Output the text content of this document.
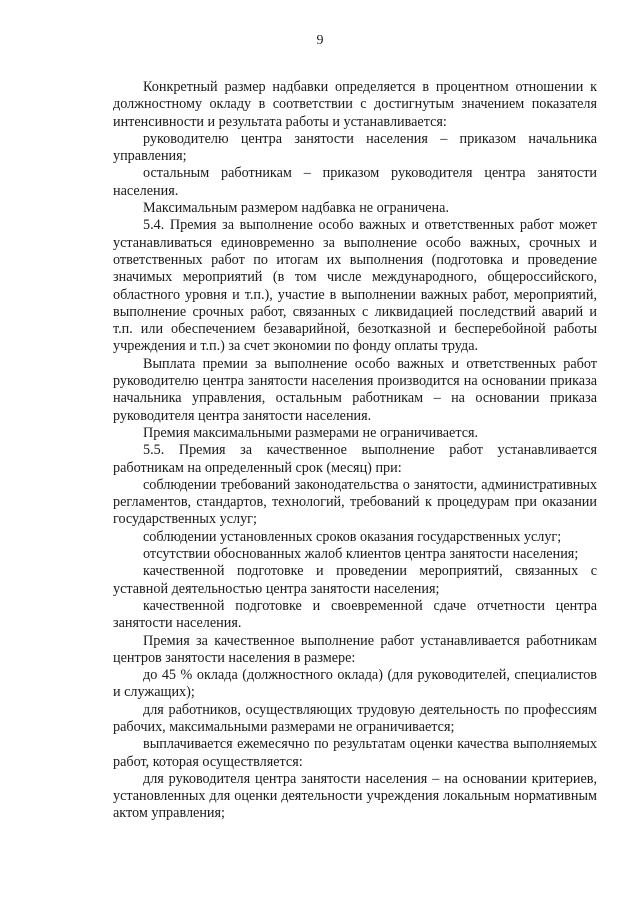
9

Конкретный размер надбавки определяется в процентном отношении к должностному окладу в соответствии с достигнутым значением показателя интенсивности и результата работы и устанавливается:

руководителю центра занятости населения – приказом начальника управления;

остальным работникам – приказом руководителя центра занятости населения.

Максимальным размером надбавка не ограничена.

5.4. Премия за выполнение особо важных и ответственных работ может устанавливаться единовременно за выполнение особо важных, срочных и ответственных работ по итогам их выполнения (подготовка и проведение значимых мероприятий (в том числе международного, общероссийского, областного уровня и т.п.), участие в выполнении важных работ, мероприятий, выполнение срочных работ, связанных с ликвидацией последствий аварий и т.п. или обеспечением безаварийной, безотказной и бесперебойной работы учреждения и т.п.) за счет экономии по фонду оплаты труда.

Выплата премии за выполнение особо важных и ответственных работ руководителю центра занятости населения производится на основании приказа начальника управления, остальным работникам – на основании приказа руководителя центра занятости населения.

Премия максимальными размерами не ограничивается.

5.5. Премия за качественное выполнение работ устанавливается работникам на определенный срок (месяц) при:

соблюдении требований законодательства о занятости, административных регламентов, стандартов, технологий, требований к процедурам при оказании государственных услуг;

соблюдении установленных сроков оказания государственных услуг;

отсутствии обоснованных жалоб клиентов центра занятости населения;

качественной подготовке и проведении мероприятий, связанных с уставной деятельностью центра занятости населения;

качественной подготовке и своевременной сдаче отчетности центра занятости населения.

Премия за качественное выполнение работ устанавливается работникам центров занятости населения в размере:

до 45 % оклада (должностного оклада) (для руководителей, специалистов и служащих);

для работников, осуществляющих трудовую деятельность по профессиям рабочих, максимальными размерами не ограничивается;

выплачивается ежемесячно по результатам оценки качества выполняемых работ, которая осуществляется:

для руководителя центра занятости населения – на основании критериев, установленных для оценки деятельности учреждения локальным нормативным актом управления;
